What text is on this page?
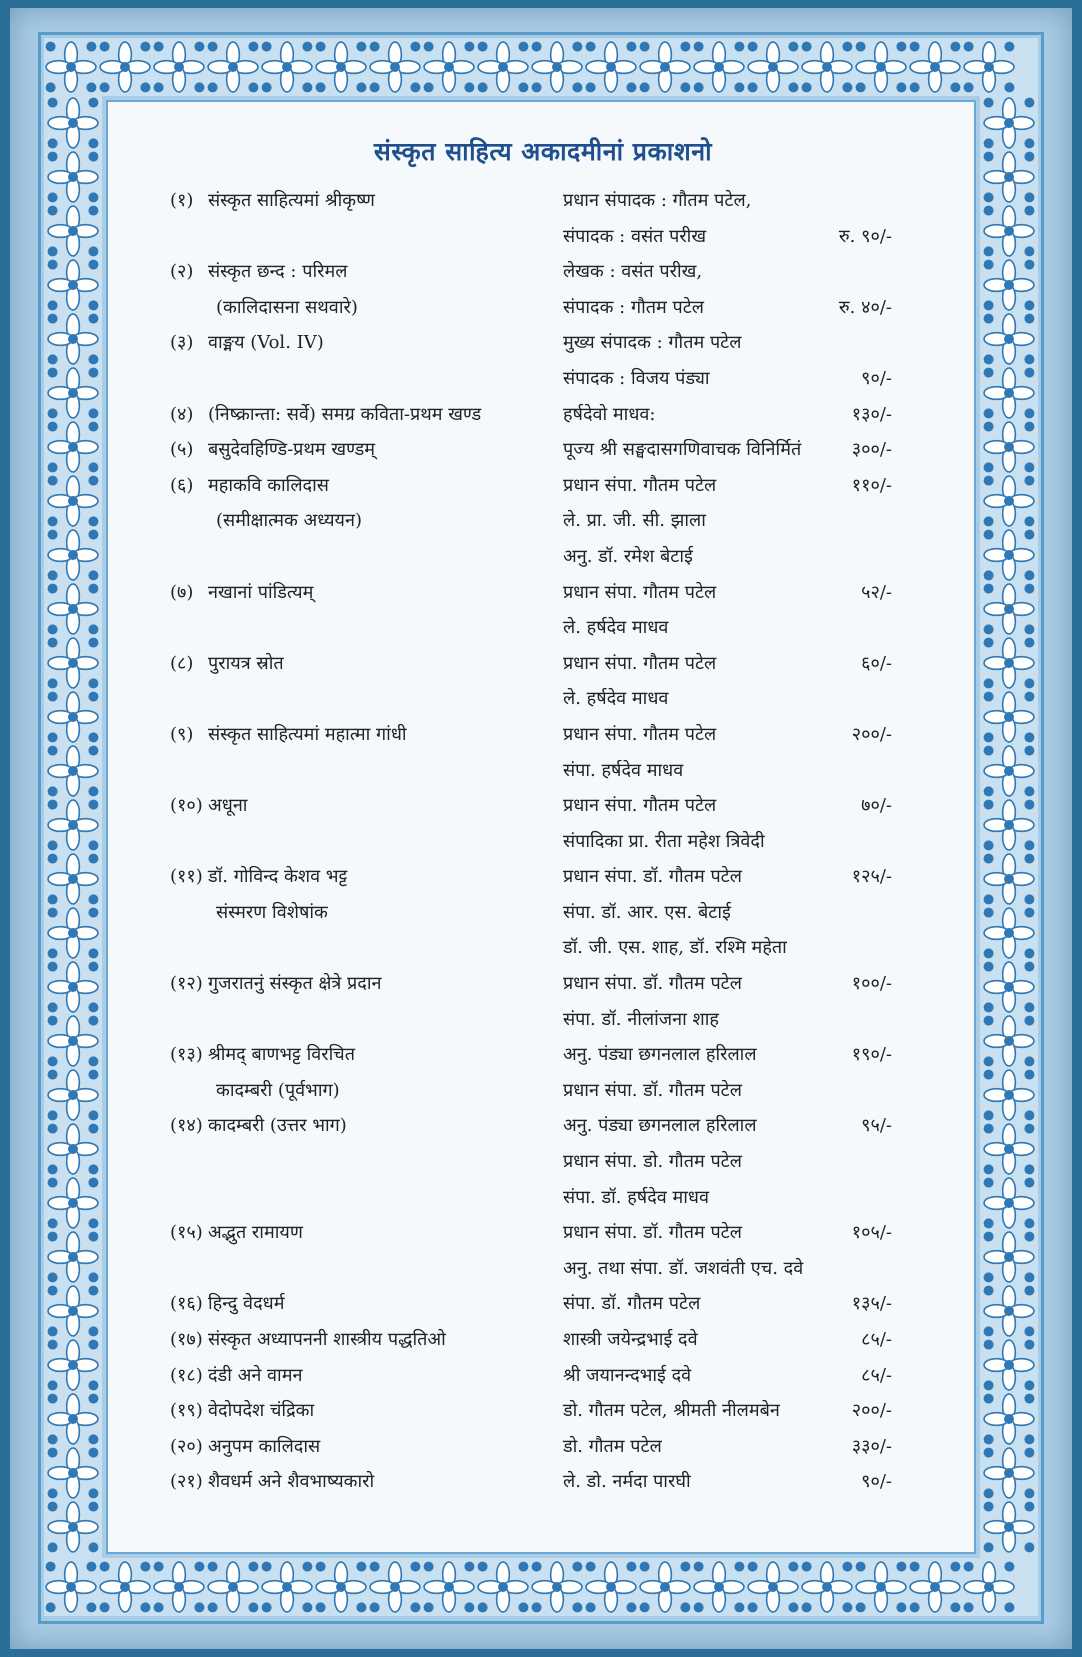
संस्कृत साहित्य अकादमीनां प्रकाशनो
(१) संस्कृत साहित्यमां श्रीकृष्ण	प्रधान संपादक : गौतम पटेल,
संपादक : वसंत परीख	रु. ९०/-
(२) संस्कृत छन्द : परिमल	लेखक : वसंत परीख,
(कालिदासना सथवारे)	संपादक : गौतम पटेल	रु. ४०/-
(३) वाङ्मय (Vol. IV)	मुख्य संपादक : गौतम पटेल
संपादक : विजय पंड्या	९०/-
(४) (निष्क्रान्ता: सर्वे) समग्र कविता-प्रथम खण्ड	हर्षदेवो माधव:	१३०/-
(५) बसुदेवहिण्डि-प्रथम खण्डम्	पूज्य श्री सङ्घदासगणिवाचक विनिर्मितं	३००/-
(६) महाकवि कालिदास	प्रधान संपा. गौतम पटेल	११०/-
(समीक्षात्मक अध्ययन)	ले. प्रा. जी. सी. झाला
अनु. डॉ. रमेश बेटाई
(७) नखानां पांडित्यम्	प्रधान संपा. गौतम पटेल	५२/-
ले. हर्षदेव माधव
(८) पुरायत्र स्रोत	प्रधान संपा. गौतम पटेल	६०/-
ले. हर्षदेव माधव
(९) संस्कृत साहित्यमां महात्मा गांधी	प्रधान संपा. गौतम पटेल	२००/-
संपा. हर्षदेव माधव
(१०) अधूना	प्रधान संपा. गौतम पटेल	७०/-
संपादिका प्रा. रीता महेश त्रिवेदी
(११) डॉ. गोविन्द केशव भट्ट	प्रधान संपा. डॉ. गौतम पटेल	१२५/-
संस्मरण विशेषांक	संपा. डॉ. आर. एस. बेटाई
डॉ. जी. एस. शाह, डॉ. रश्मि महेता
(१२) गुजरातनुं संस्कृत क्षेत्रे प्रदान	प्रधान संपा. डॉ. गौतम पटेल	१००/-
संपा. डॉ. नीलांजना शाह
(१३) श्रीमद् बाणभट्ट विरचित	अनु. पंड्या छगनलाल हरिलाल	१९०/-
कादम्बरी (पूर्वभाग)	प्रधान संपा. डॉ. गौतम पटेल
(१४) कादम्बरी (उत्तर भाग)	अनु. पंड्या छगनलाल हरिलाल	९५/-
प्रधान संपा. डो. गौतम पटेल
संपा. डॉ. हर्षदेव माधव
(१५) अद्भुत रामायण	प्रधान संपा. डॉ. गौतम पटेल	१०५/-
अनु. तथा संपा. डॉ. जशवंती एच. दवे
(१६) हिन्दु वेदधर्म	संपा. डॉ. गौतम पटेल	१३५/-
(१७) संस्कृत अध्यापननी शास्त्रीय पद्धतिओ	शास्त्री जयेन्द्रभाई दवे	८५/-
(१८) दंडी अने वामन	श्री जयानन्दभाई दवे	८५/-
(१९) वेदोपदेश चंद्रिका	डो. गौतम पटेल, श्रीमती नीलमबेन	२००/-
(२०) अनुपम कालिदास	डो. गौतम पटेल	३३०/-
(२१) शैवधर्म अने शैवभाष्यकारो	ले. डो. नर्मदा पारघी	९०/-
